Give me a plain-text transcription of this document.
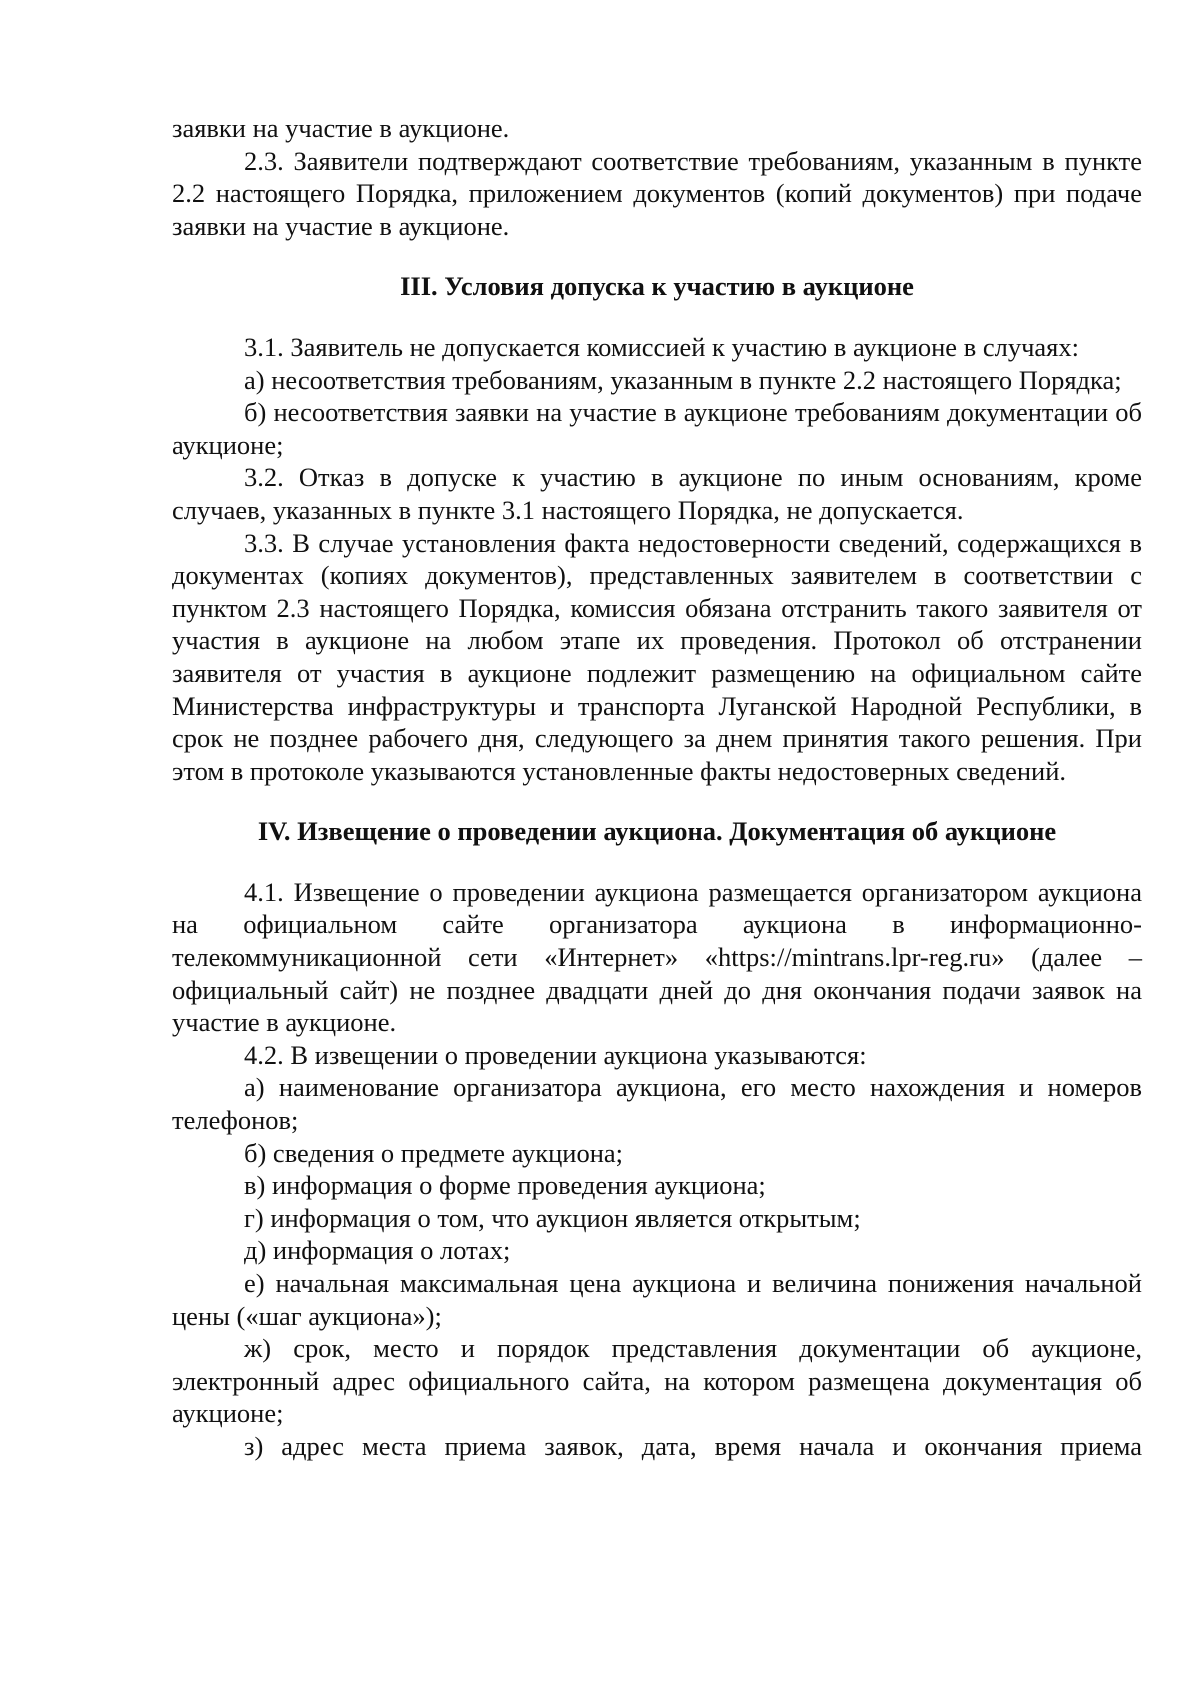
заявки на участие в аукционе.

2.3. Заявители подтверждают соответствие требованиям, указанным в пункте 2.2 настоящего Порядка, приложением документов (копий документов) при подаче заявки на участие в аукционе.

III. Условия допуска к участию в аукционе

3.1. Заявитель не допускается комиссией к участию в аукционе в случаях:

а) несоответствия требованиям, указанным в пункте 2.2 настоящего Порядка;

б) несоответствия заявки на участие в аукционе требованиям документации об аукционе;

3.2. Отказ в допуске к участию в аукционе по иным основаниям, кроме случаев, указанных в пункте 3.1 настоящего Порядка, не допускается.

3.3. В случае установления факта недостоверности сведений, содержащихся в документах (копиях документов), представленных заявителем в соответствии с пунктом 2.3 настоящего Порядка, комиссия обязана отстранить такого заявителя от участия в аукционе на любом этапе их проведения. Протокол об отстранении заявителя от участия в аукционе подлежит размещению на официальном сайте Министерства инфраструктуры и транспорта Луганской Народной Республики, в срок не позднее рабочего дня, следующего за днем принятия такого решения. При этом в протоколе указываются установленные факты недостоверных сведений.

IV. Извещение о проведении аукциона. Документация об аукционе

4.1. Извещение о проведении аукциона размещается организатором аукциона на официальном сайте организатора аукциона в информационно-телекоммуникационной сети «Интернет» «https://mintrans.lpr-reg.ru» (далее – официальный сайт) не позднее двадцати дней до дня окончания подачи заявок на участие в аукционе.

4.2. В извещении о проведении аукциона указываются:

а) наименование организатора аукциона, его место нахождения и номеров телефонов;

б) сведения о предмете аукциона;

в) информация о форме проведения аукциона;

г) информация о том, что аукцион является открытым;

д) информация о лотах;

е) начальная максимальная цена аукциона и величина понижения начальной цены («шаг аукциона»);

ж) срок, место и порядок представления документации об аукционе, электронный адрес официального сайта, на котором размещена документация об аукционе;

з) адрес места приема заявок, дата, время начала и окончания приема
